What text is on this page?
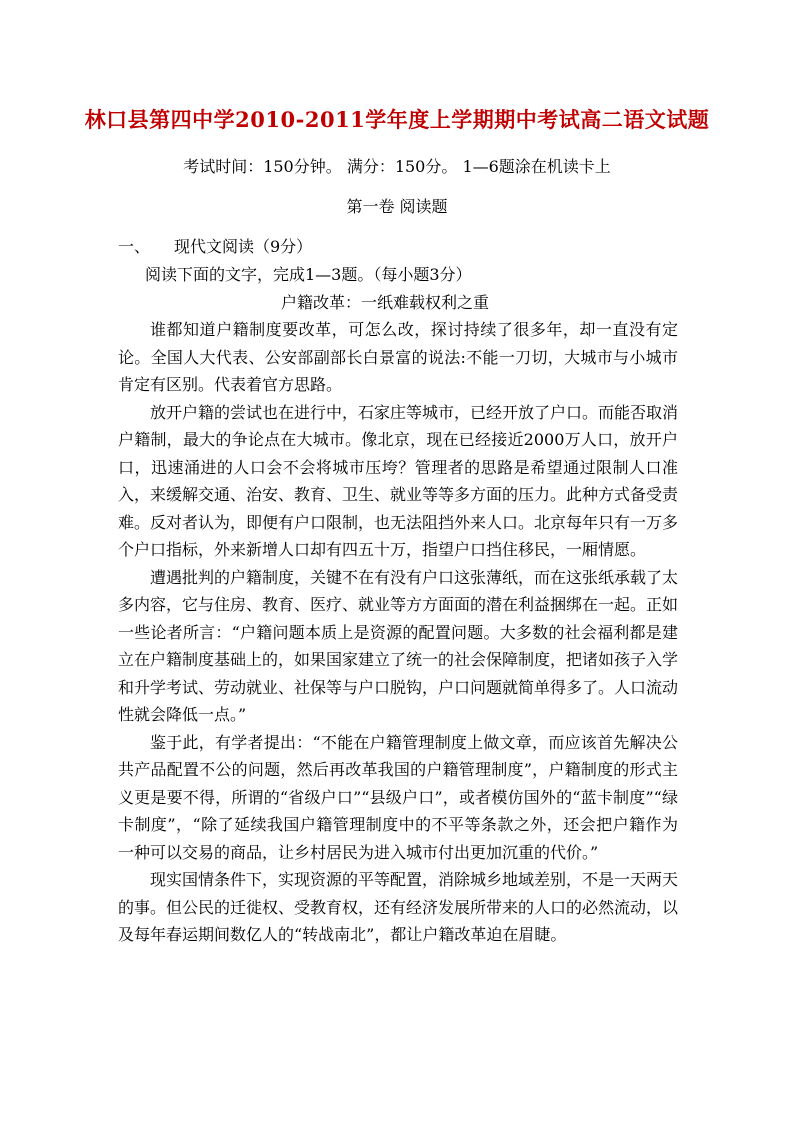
林口县第四中学2010-2011学年度上学期期中考试高二语文试题

考试时间：150分钟。 满分：150分。 1—6题涂在机读卡上

第一卷 阅读题

一、 现代文阅读（9分）

阅读下面的文字，完成1—3题。（每小题3分）

户籍改革：一纸难载权利之重

谁都知道户籍制度要改革，可怎么改，探讨持续了很多年，却一直没有定论。全国人大代表、公安部副部长白景富的说法:不能一刀切，大城市与小城市肯定有区别。代表着官方思路。

放开户籍的尝试也在进行中，石家庄等城市，已经开放了户口。而能否取消户籍制，最大的争论点在大城市。像北京，现在已经接近2000万人口，放开户口，迅速涌进的人口会不会将城市压垮？管理者的思路是希望通过限制人口准入，来缓解交通、治安、教育、卫生、就业等等多方面的压力。此种方式备受责难。反对者认为，即便有户口限制，也无法阻挡外来人口。北京每年只有一万多个户口指标，外来新增人口却有四五十万，指望户口挡住移民，一厢情愿。

遭遇批判的户籍制度，关键不在有没有户口这张薄纸，而在这张纸承载了太多内容，它与住房、教育、医疗、就业等方方面面的潜在利益捆绑在一起。正如一些论者所言：“户籍问题本质上是资源的配置问题。大多数的社会福利都是建立在户籍制度基础上的，如果国家建立了统一的社会保障制度，把诸如孩子入学和升学考试、劳动就业、社保等与户口脱钩，户口问题就简单得多了。人口流动性就会降低一点。”

鉴于此，有学者提出：“不能在户籍管理制度上做文章，而应该首先解决公共产品配置不公的问题，然后再改革我国的户籍管理制度”，户籍制度的形式主义更是要不得，所谓的“省级户口”“县级户口”，或者模仿国外的“蓝卡制度”“绿卡制度”，“除了延续我国户籍管理制度中的不平等条款之外，还会把户籍作为一种可以交易的商品，让乡村居民为进入城市付出更加沉重的代价。”

现实国情条件下，实现资源的平等配置，消除城乡地域差别，不是一天两天的事。但公民的迁徙权、受教育权，还有经济发展所带来的人口的必然流动，以及每年春运期间数亿人的“转战南北”，都让户籍改革迫在眉睫。
